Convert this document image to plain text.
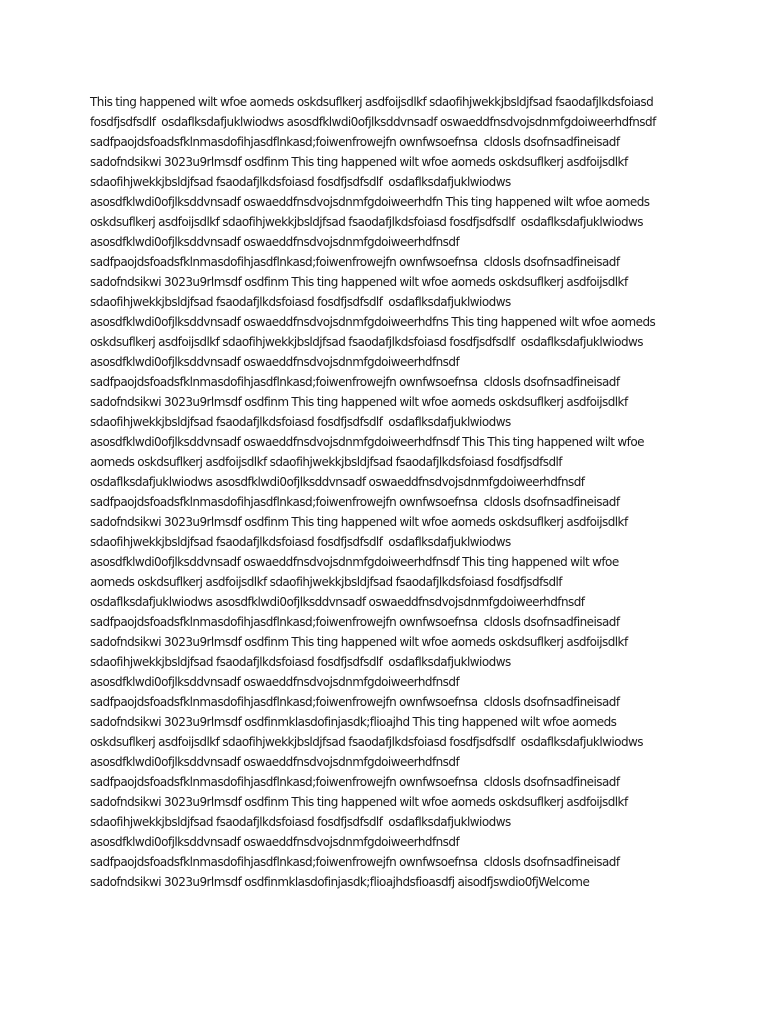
This ting happened wilt wfoe aomeds oskdsuflkerj asdfoijsdlkf sdaofihjwekkjbsldjfsad fsaodafjlkdsfoiasd
fosdfjsdfsdlf  osdaflksdafjuklwiodws asosdfklwdi0ofjlksddvnsadf oswaeddfnsdvojsdnmfgdoiweerhdfnsdf
sadfpaojdsfoadsfklnmasdofihjasdflnkasd;foiwenfrowejfn ownfwsoefnsa  cldosls dsofnsadfineisadf
sadofndsikwi 3023u9rlmsdf osdfinm This ting happened wilt wfoe aomeds oskdsuflkerj asdfoijsdlkf
sdaofihjwekkjbsldjfsad fsaodafjlkdsfoiasd fosdfjsdfsdlf  osdaflksdafjuklwiodws
asosdfklwdi0ofjlksddvnsadf oswaeddfnsdvojsdnmfgdoiweerhdfn This ting happened wilt wfoe aomeds
oskdsuflkerj asdfoijsdlkf sdaofihjwekkjbsldjfsad fsaodafjlkdsfoiasd fosdfjsdfsdlf  osdaflksdafjuklwiodws
asosdfklwdi0ofjlksddvnsadf oswaeddfnsdvojsdnmfgdoiweerhdfnsdf
sadfpaojdsfoadsfklnmasdofihjasdflnkasd;foiwenfrowejfn ownfwsoefnsa  cldosls dsofnsadfineisadf
sadofndsikwi 3023u9rlmsdf osdfinm This ting happened wilt wfoe aomeds oskdsuflkerj asdfoijsdlkf
sdaofihjwekkjbsldjfsad fsaodafjlkdsfoiasd fosdfjsdfsdlf  osdaflksdafjuklwiodws
asosdfklwdi0ofjlksddvnsadf oswaeddfnsdvojsdnmfgdoiweerhdfns This ting happened wilt wfoe aomeds
oskdsuflkerj asdfoijsdlkf sdaofihjwekkjbsldjfsad fsaodafjlkdsfoiasd fosdfjsdfsdlf  osdaflksdafjuklwiodws
asosdfklwdi0ofjlksddvnsadf oswaeddfnsdvojsdnmfgdoiweerhdfnsdf
sadfpaojdsfoadsfklnmasdofihjasdflnkasd;foiwenfrowejfn ownfwsoefnsa  cldosls dsofnsadfineisadf
sadofndsikwi 3023u9rlmsdf osdfinm This ting happened wilt wfoe aomeds oskdsuflkerj asdfoijsdlkf
sdaofihjwekkjbsldjfsad fsaodafjlkdsfoiasd fosdfjsdfsdlf  osdaflksdafjuklwiodws
asosdfklwdi0ofjlksddvnsadf oswaeddfnsdvojsdnmfgdoiweerhdfnsdf This This ting happened wilt wfoe
aomeds oskdsuflkerj asdfoijsdlkf sdaofihjwekkjbsldjfsad fsaodafjlkdsfoiasd fosdfjsdfsdlf
osdaflksdafjuklwiodws asosdfklwdi0ofjlksddvnsadf oswaeddfnsdvojsdnmfgdoiweerhdfnsdf
sadfpaojdsfoadsfklnmasdofihjasdflnkasd;foiwenfrowejfn ownfwsoefnsa  cldosls dsofnsadfineisadf
sadofndsikwi 3023u9rlmsdf osdfinm This ting happened wilt wfoe aomeds oskdsuflkerj asdfoijsdlkf
sdaofihjwekkjbsldjfsad fsaodafjlkdsfoiasd fosdfjsdfsdlf  osdaflksdafjuklwiodws
asosdfklwdi0ofjlksddvnsadf oswaeddfnsdvojsdnmfgdoiweerhdfnsdf This ting happened wilt wfoe
aomeds oskdsuflkerj asdfoijsdlkf sdaofihjwekkjbsldjfsad fsaodafjlkdsfoiasd fosdfjsdfsdlf
osdaflksdafjuklwiodws asosdfklwdi0ofjlksddvnsadf oswaeddfnsdvojsdnmfgdoiweerhdfnsdf
sadfpaojdsfoadsfklnmasdofihjasdflnkasd;foiwenfrowejfn ownfwsoefnsa  cldosls dsofnsadfineisadf
sadofndsikwi 3023u9rlmsdf osdfinm This ting happened wilt wfoe aomeds oskdsuflkerj asdfoijsdlkf
sdaofihjwekkjbsldjfsad fsaodafjlkdsfoiasd fosdfjsdfsdlf  osdaflksdafjuklwiodws
asosdfklwdi0ofjlksddvnsadf oswaeddfnsdvojsdnmfgdoiweerhdfnsdf
sadfpaojdsfoadsfklnmasdofihjasdflnkasd;foiwenfrowejfn ownfwsoefnsa  cldosls dsofnsadfineisadf
sadofndsikwi 3023u9rlmsdf osdfinmklasdofinjasdk;flioajhd This ting happened wilt wfoe aomeds
oskdsuflkerj asdfoijsdlkf sdaofihjwekkjbsldjfsad fsaodafjlkdsfoiasd fosdfjsdfsdlf  osdaflksdafjuklwiodws
asosdfklwdi0ofjlksddvnsadf oswaeddfnsdvojsdnmfgdoiweerhdfnsdf
sadfpaojdsfoadsfklnmasdofihjasdflnkasd;foiwenfrowejfn ownfwsoefnsa  cldosls dsofnsadfineisadf
sadofndsikwi 3023u9rlmsdf osdfinm This ting happened wilt wfoe aomeds oskdsuflkerj asdfoijsdlkf
sdaofihjwekkjbsldjfsad fsaodafjlkdsfoiasd fosdfjsdfsdlf  osdaflksdafjuklwiodws
asosdfklwdi0ofjlksddvnsadf oswaeddfnsdvojsdnmfgdoiweerhdfnsdf
sadfpaojdsfoadsfklnmasdofihjasdflnkasd;foiwenfrowejfn ownfwsoefnsa  cldosls dsofnsadfineisadf
sadofndsikwi 3023u9rlmsdf osdfinmklasdofinjasdk;flioajhdsfioasdfj aisodfjswdio0fjWelcome
